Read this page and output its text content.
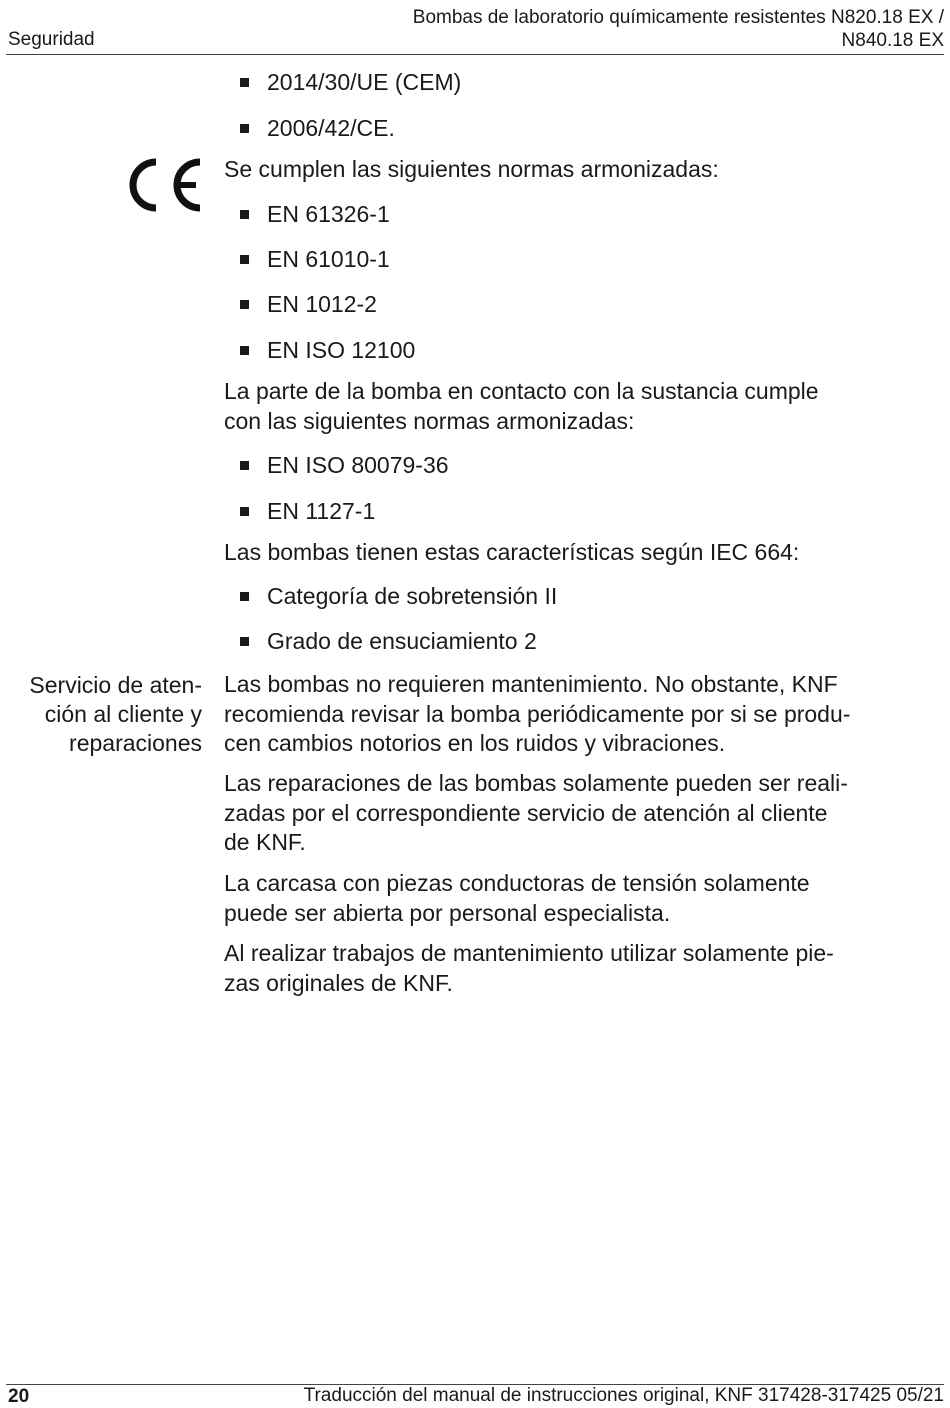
Seguridad
Bombas de laboratorio químicamente resistentes N820.18 EX /
N840.18 EX
Servicio de aten-
ción al cliente y
reparaciones
2014/30/UE (CEM)
2006/42/CE.
Se cumplen las siguientes normas armonizadas:
EN 61326-1
EN 61010-1
EN 1012-2
EN ISO 12100
La parte de la bomba en contacto con la sustancia cumple
con las siguientes normas armonizadas:
EN ISO 80079-36
EN 1127-1
Las bombas tienen estas características según IEC 664:
Categoría de sobretensión II
Grado de ensuciamiento 2
Las bombas no requieren mantenimiento. No obstante, KNF
recomienda revisar la bomba periódicamente por si se produ-
cen cambios notorios en los ruidos y vibraciones.
Las reparaciones de las bombas solamente pueden ser reali-
zadas por el correspondiente servicio de atención al cliente
de KNF.
La carcasa con piezas conductoras de tensión solamente
puede ser abierta por personal especialista.
Al realizar trabajos de mantenimiento utilizar solamente pie-
zas originales de KNF.
20	Traducción del manual de instrucciones original, KNF 317428-317425 05/21
